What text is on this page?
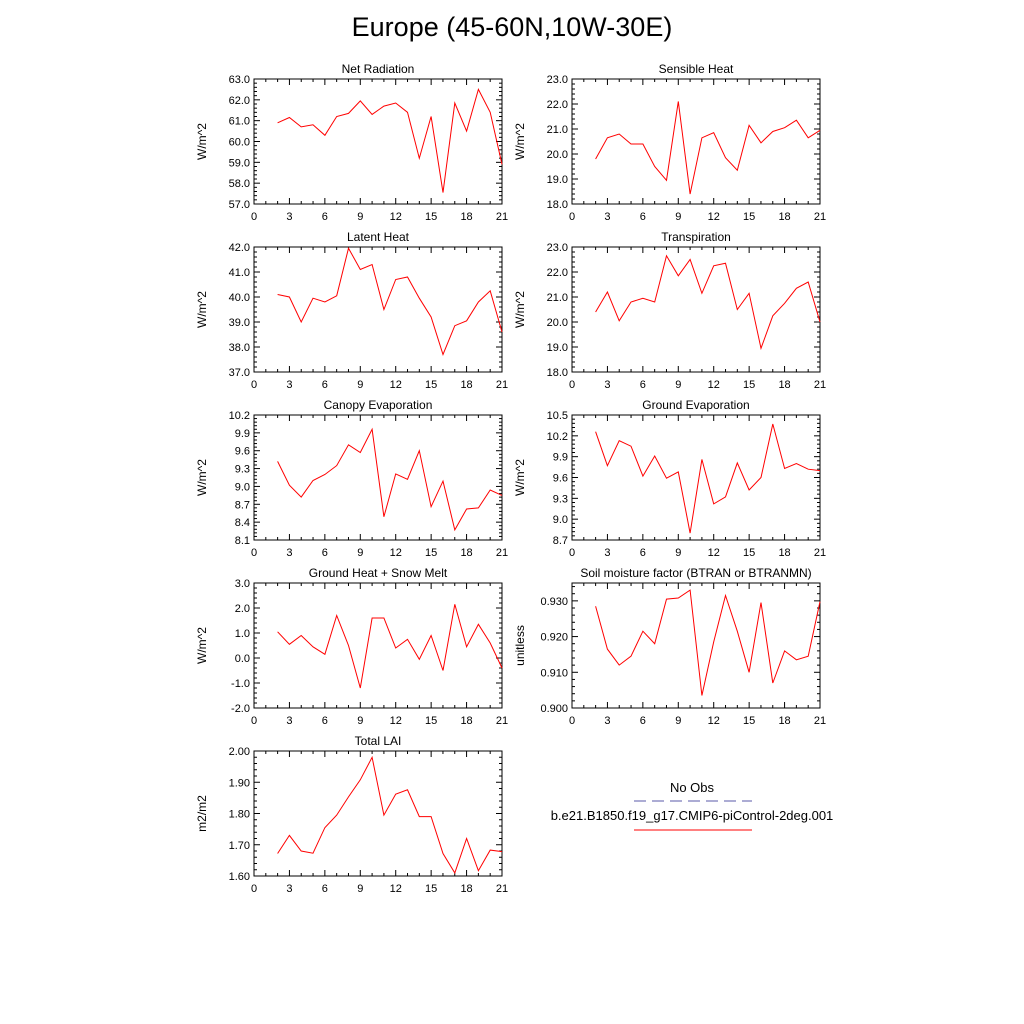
Europe (45-60N,10W-30E)
Net Radiation
0	3	6	9 12 15 18 21
57.0
58.0
59.0
60.0
61.0
62.0
63.0
W/m^2
Sensible Heat
0	3	6	9 12 15 18 21
18.0
19.0
20.0
21.0
22.0
23.0
W/m^2
Latent Heat
0	3	6	9 12 15 18 21
37.0
38.0
39.0
40.0
41.0
42.0
W/m^2
Transpiration
0	3	6	9 12 15 18 21
18.0
19.0
20.0
21.0
22.0
23.0
W/m^2
Canopy Evaporation
0	3	6	9 12 15 18 21
8.1
8.4
8.7
9.0
9.3
9.6
9.9
10.2
W/m^2
Ground Evaporation
0	3	6	9 12 15 18 21
8.7
9.0
9.3
9.6
9.9
10.2
10.5
W/m^2
Ground Heat + Snow Melt
0	3	6	9 12 15 18 21
-2.0
-1.0
0.0
1.0
2.0
3.0
W/m^2
Soil moisture factor (BTRAN or BTRANMN)
0	3	6	9 12 15 18 21
0.900
0.910
0.920
0.930
unitless
Total LAI
0	3	6	9 12 15 18 21
1.60
1.70
1.80
1.90
2.00
m2/m2
No Obs
b.e21.B1850.f19_g17.CMIP6-piControl-2deg.001
